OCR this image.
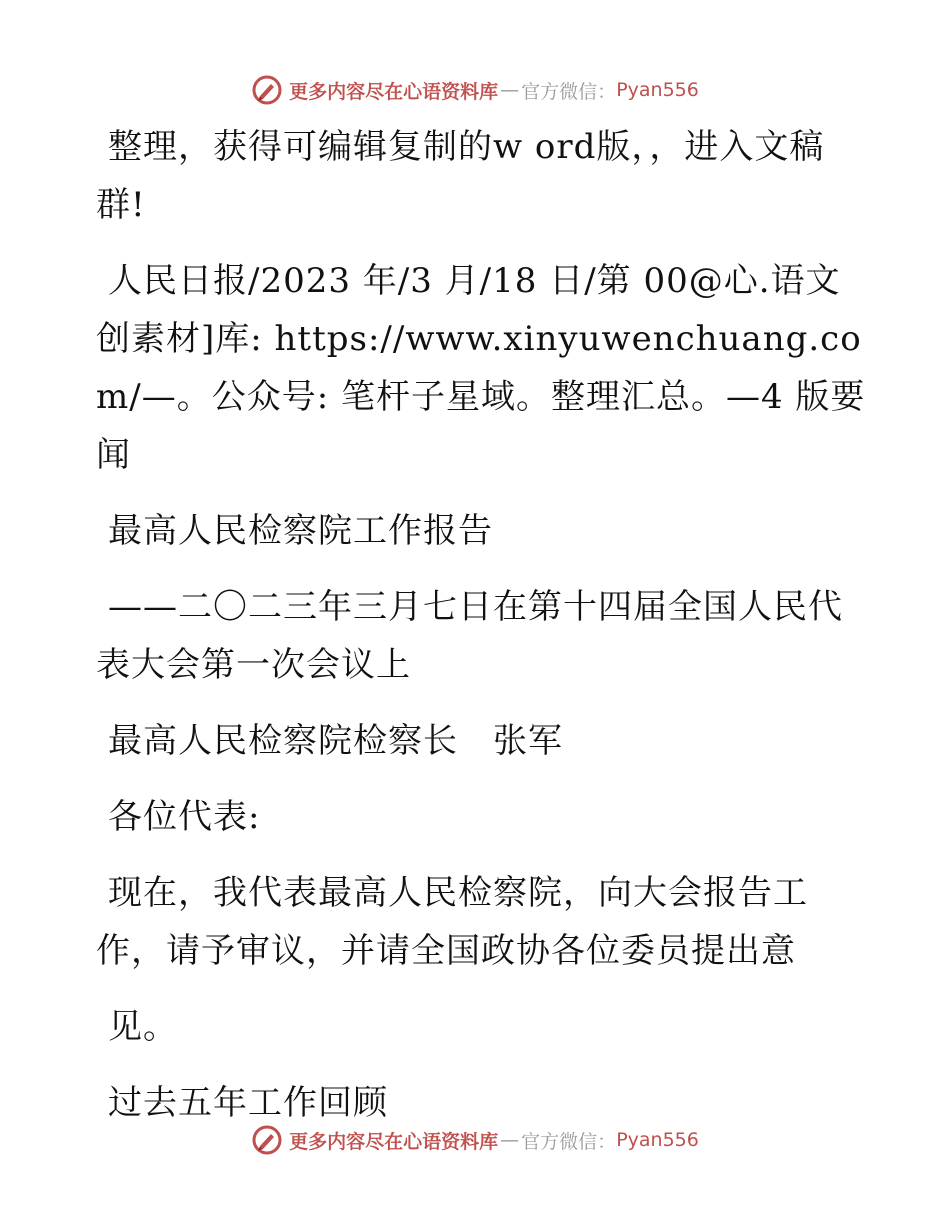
更多内容尽在心语资料库 — 官方微信： Pyan556

整理，获得可编辑复制的w ord版，，进入文稿群!

人民日报/2023 年/3 月/18 日/第 00@心.语文创素材]库: https://www.xinyuwenchuang.com/—。公众号: 笔杆子星域。整理汇总。—4 版要闻

最高人民检察院工作报告

——二〇二三年三月七日在第十四届全国人民代表大会第一次会议上

最高人民检察院检察长　张军

各位代表:

现在，我代表最高人民检察院，向大会报告工作，请予审议，并请全国政协各位委员提出意

见。

过去五年工作回顾

更多内容尽在心语资料库 — 官方微信： Pyan556
